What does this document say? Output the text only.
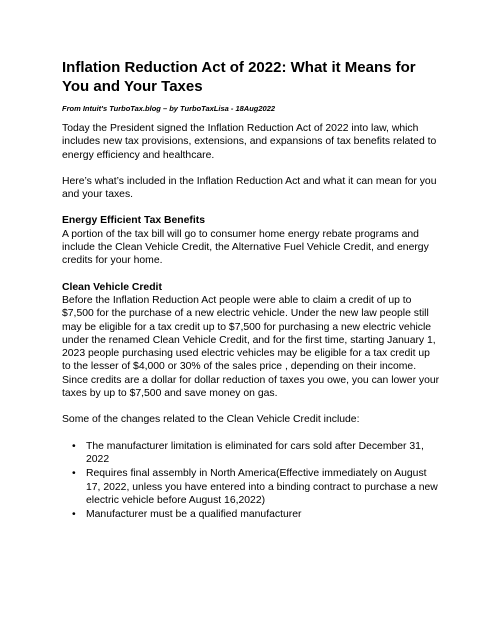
Inflation Reduction Act of 2022: What it Means for You and Your Taxes
From Intuit's TurboTax.blog – by TurboTaxLisa - 18Aug2022

Today the President signed the Inflation Reduction Act of 2022 into law, which includes new tax provisions, extensions, and expansions of tax benefits related to energy efficiency and healthcare.

Here’s what’s included in the Inflation Reduction Act and what it can mean for you and your taxes.

Energy Efficient Tax Benefits

A portion of the tax bill will go to consumer home energy rebate programs and include the Clean Vehicle Credit, the Alternative Fuel Vehicle Credit, and energy credits for your home.

Clean Vehicle Credit

Before the Inflation Reduction Act people were able to claim a credit of up to $7,500 for the purchase of a new electric vehicle. Under the new law people still may be eligible for a tax credit up to $7,500 for purchasing a new electric vehicle under the renamed Clean Vehicle Credit, and for the first time, starting January 1, 2023 people purchasing used electric vehicles may be eligible for a tax credit up to the lesser of $4,000 or 30% of the sales price , depending on their income. Since credits are a dollar for dollar reduction of taxes you owe, you can lower your taxes by up to $7,500 and save money on gas.

Some of the changes related to the Clean Vehicle Credit include:

• The manufacturer limitation is eliminated for cars sold after December 31, 2022
• Requires final assembly in North America(Effective immediately on August 17, 2022, unless you have entered into a binding contract to purchase a new electric vehicle before August 16,2022)
• Manufacturer must be a qualified manufacturer
